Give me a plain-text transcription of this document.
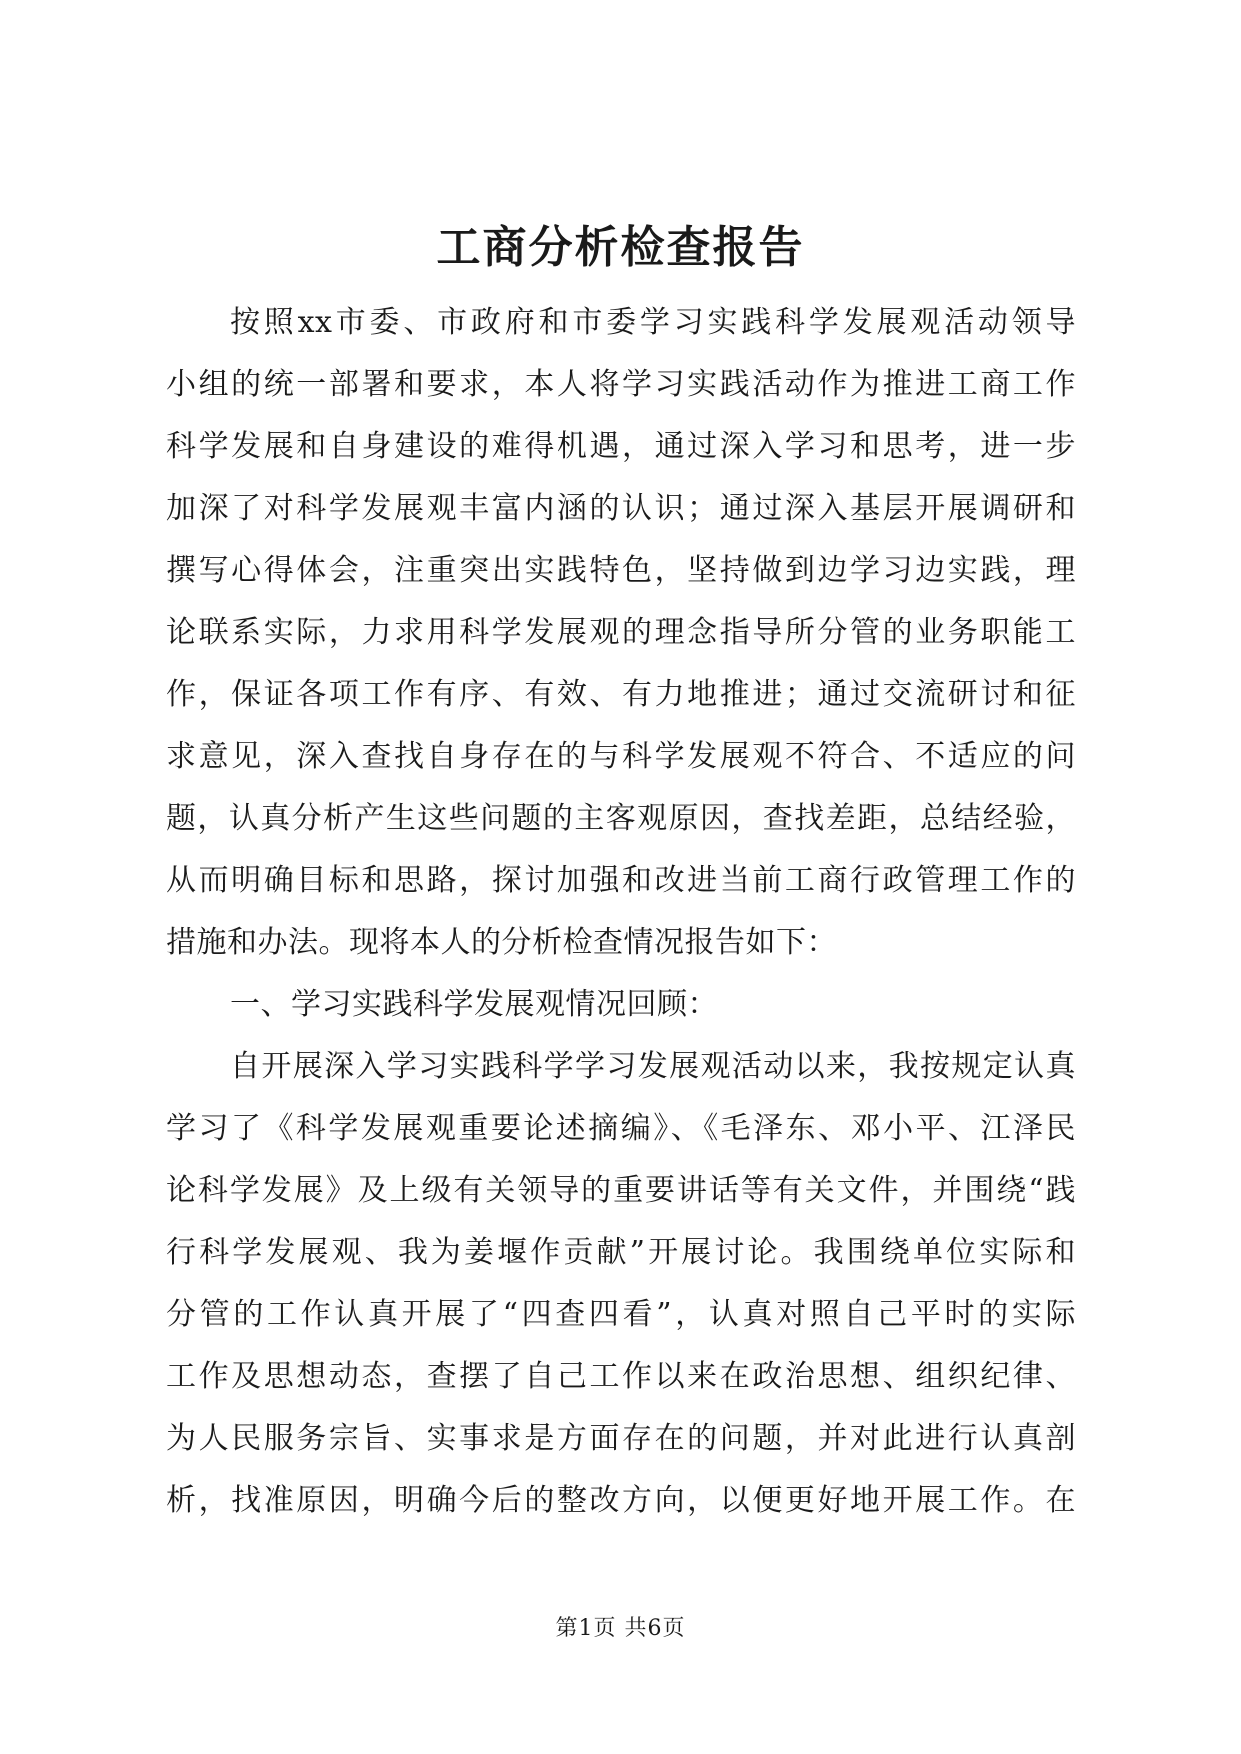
工商分析检查报告
按照xx市委、市政府和市委学习实践科学发展观活动领导
小组的统一部署和要求，本人将学习实践活动作为推进工商工作
科学发展和自身建设的难得机遇，通过深入学习和思考，进一步
加深了对科学发展观丰富内涵的认识；通过深入基层开展调研和
撰写心得体会，注重突出实践特色，坚持做到边学习边实践，理
论联系实际，力求用科学发展观的理念指导所分管的业务职能工
作，保证各项工作有序、有效、有力地推进；通过交流研讨和征
求意见，深入查找自身存在的与科学发展观不符合、不适应的问
题，认真分析产生这些问题的主客观原因，查找差距，总结经验，
从而明确目标和思路，探讨加强和改进当前工商行政管理工作的
措施和办法。现将本人的分析检查情况报告如下：
一、学习实践科学发展观情况回顾：
自开展深入学习实践科学学习发展观活动以来，我按规定认真
学习了《科学发展观重要论述摘编》、《毛泽东、邓小平、江泽民
论科学发展》及上级有关领导的重要讲话等有关文件，并围绕“践
行科学发展观、我为姜堰作贡献”开展讨论。我围绕单位实际和
分管的工作认真开展了“四查四看”，认真对照自己平时的实际
工作及思想动态，查摆了自己工作以来在政治思想、组织纪律、
为人民服务宗旨、实事求是方面存在的问题，并对此进行认真剖
析，找准原因，明确今后的整改方向，以便更好地开展工作。在
第1页 共6页
